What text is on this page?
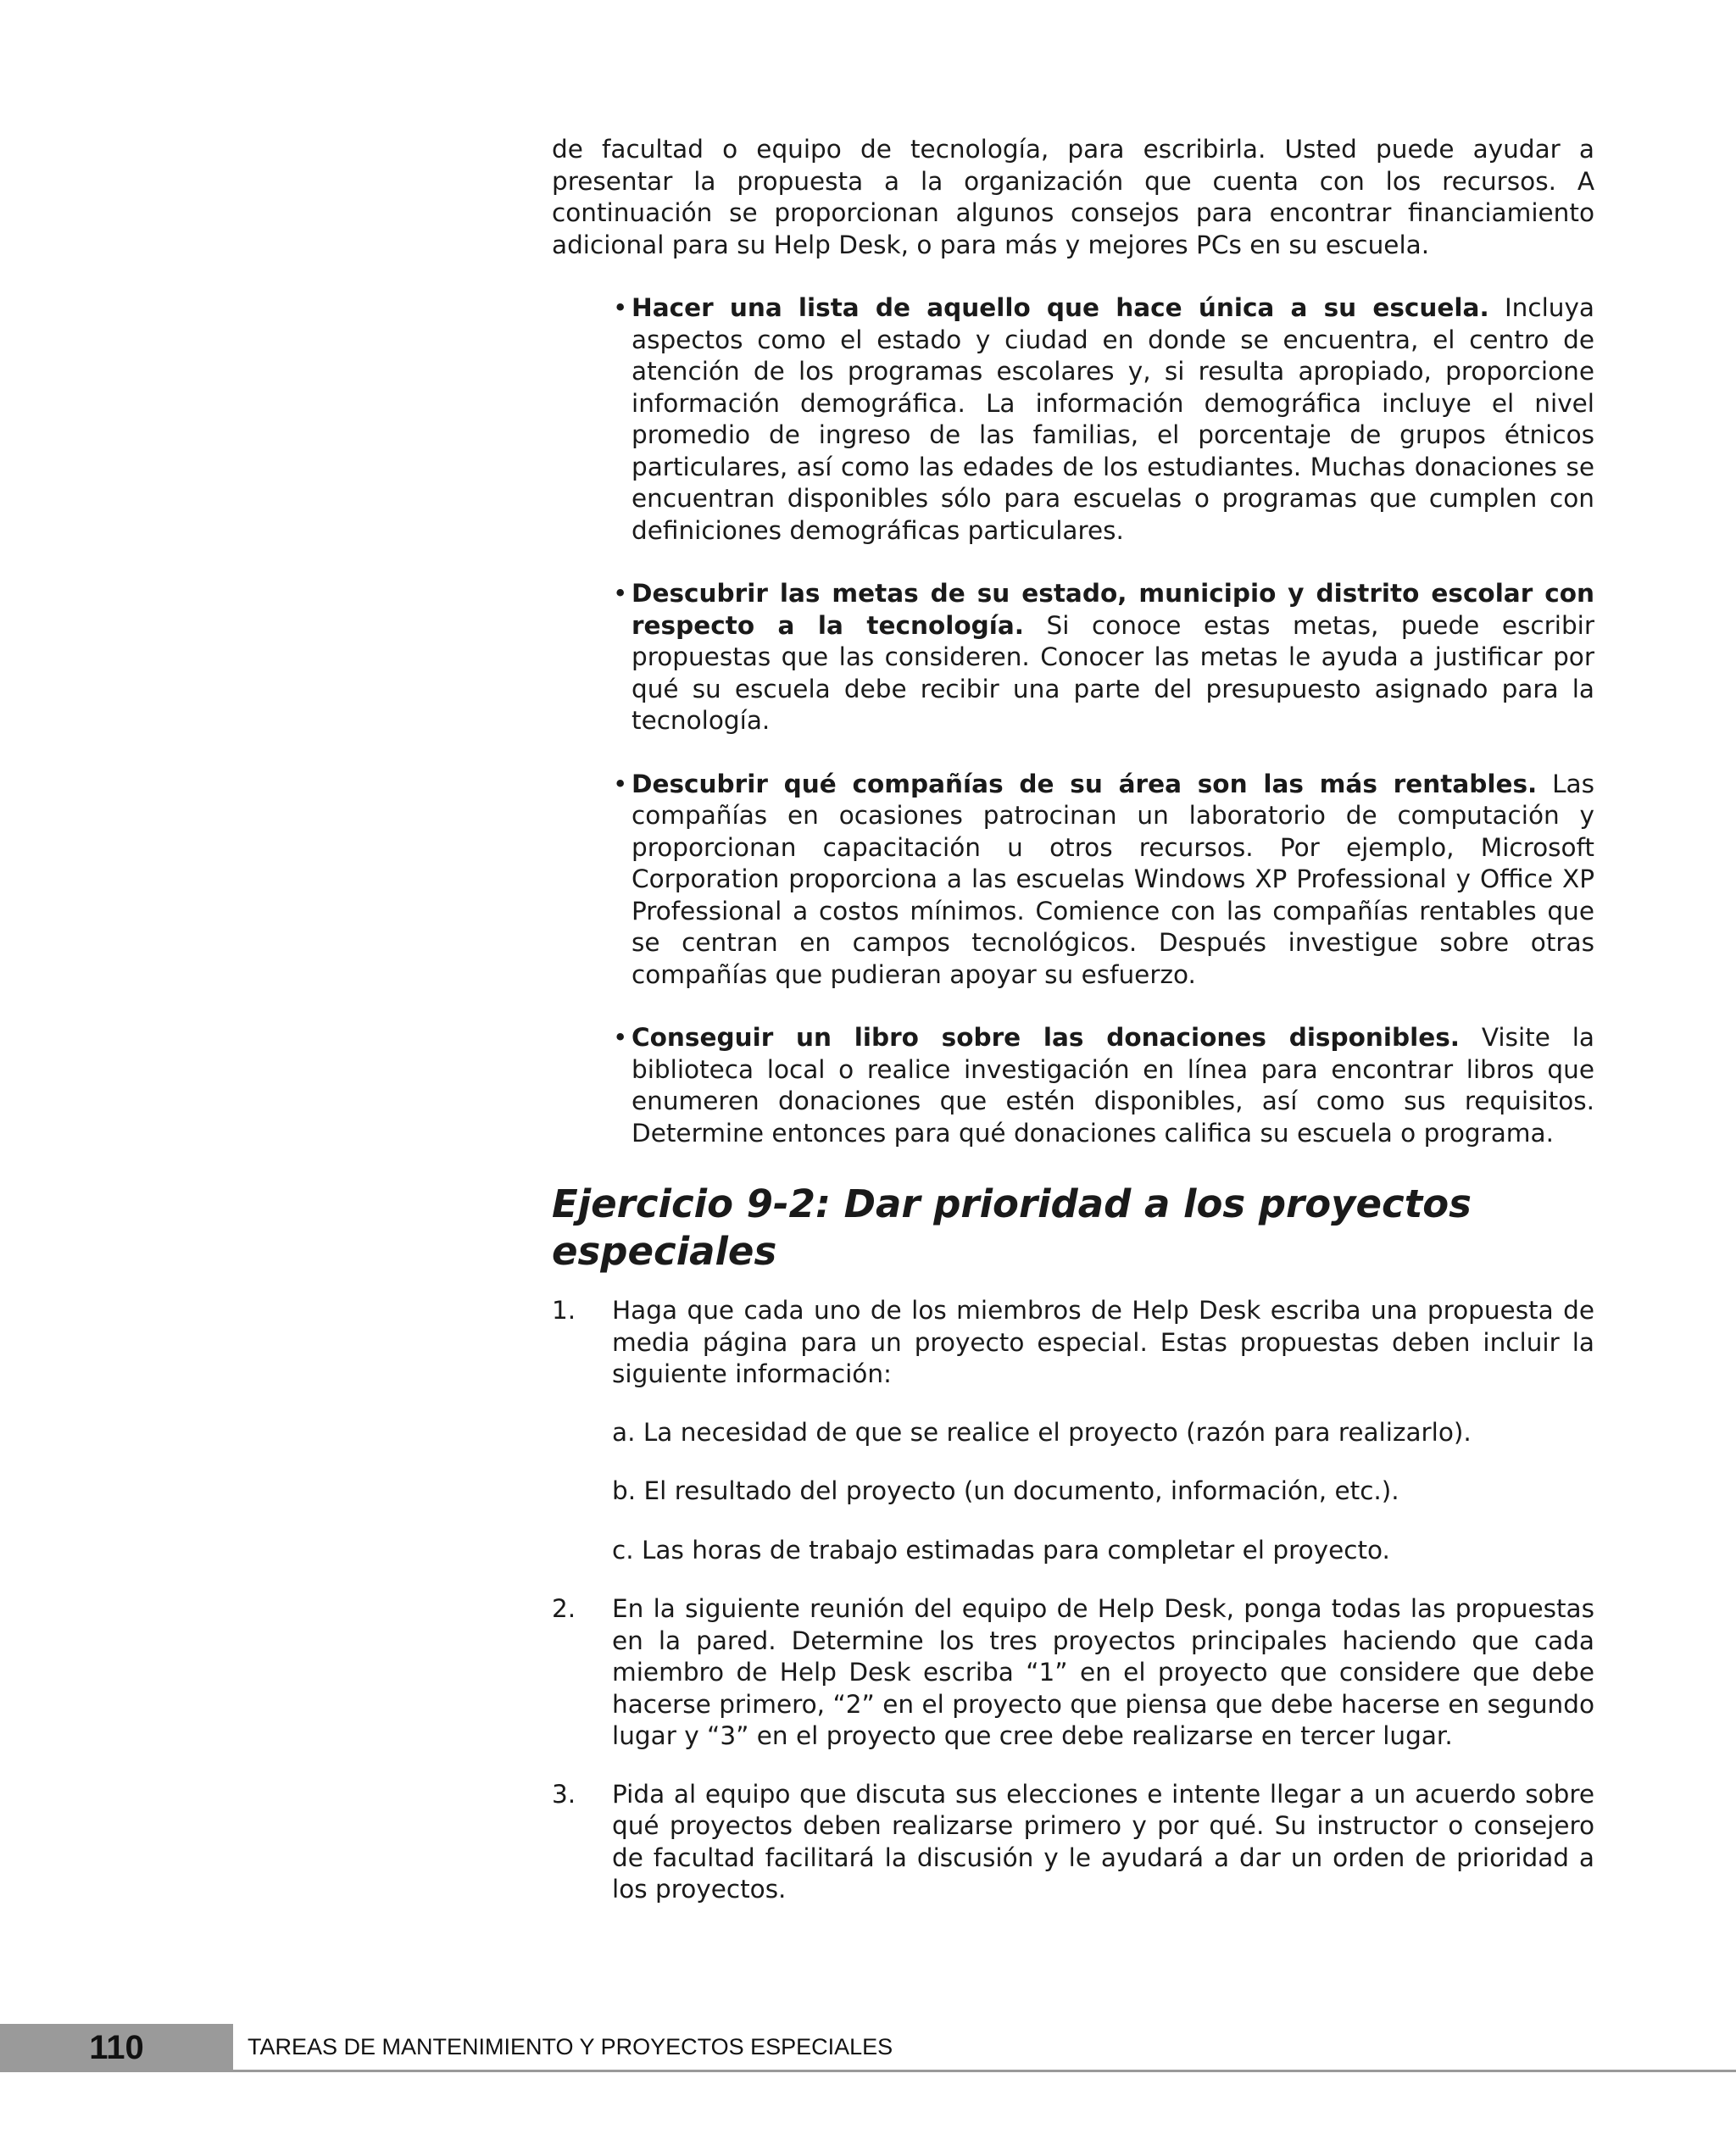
de facultad o equipo de tecnología, para escribirla. Usted puede ayudar a presentar la propuesta a la organización que cuenta con los recursos. A continuación se proporcionan algunos consejos para encontrar financiamiento adicional para su Help Desk, o para más y mejores PCs en su escuela.

• Hacer una lista de aquello que hace única a su escuela. Incluya aspectos como el estado y ciudad en donde se encuentra, el centro de atención de los programas escolares y, si resulta apropiado, proporcione información demográfica. La información demográfica incluye el nivel promedio de ingreso de las familias, el porcentaje de grupos étnicos particulares, así como las edades de los estudiantes. Muchas donaciones se encuentran disponibles sólo para escuelas o programas que cumplen con definiciones demográficas particulares.
• Descubrir las metas de su estado, municipio y distrito escolar con respecto a la tecnología. Si conoce estas metas, puede escribir propuestas que las consideren. Conocer las metas le ayuda a justificar por qué su escuela debe recibir una parte del presupuesto asignado para la tecnología.
• Descubrir qué compañías de su área son las más rentables. Las compañías en ocasiones patrocinan un laboratorio de computación y proporcionan capacitación u otros recursos. Por ejemplo, Microsoft Corporation proporciona a las escuelas Windows XP Professional y Office XP Professional a costos mínimos. Comience con las compañías rentables que se centran en campos tecnológicos. Después investigue sobre otras compañías que pudieran apoyar su esfuerzo.
• Conseguir un libro sobre las donaciones disponibles. Visite la biblioteca local o realice investigación en línea para encontrar libros que enumeren donaciones que estén disponibles, así como sus requisitos. Determine entonces para qué donaciones califica su escuela o programa.
Ejercicio 9-2: Dar prioridad a los proyectos especiales
1. Haga que cada uno de los miembros de Help Desk escriba una propuesta de media página para un proyecto especial. Estas propuestas deben incluir la siguiente información:

a. La necesidad de que se realice el proyecto (razón para realizarlo).

b. El resultado del proyecto (un documento, información, etc.).

c. Las horas de trabajo estimadas para completar el proyecto.

2. En la siguiente reunión del equipo de Help Desk, ponga todas las propuestas en la pared. Determine los tres proyectos principales haciendo que cada miembro de Help Desk escriba “1” en el proyecto que considere que debe hacerse primero, “2” en el proyecto que piensa que debe hacerse en segundo lugar y “3” en el proyecto que cree debe realizarse en tercer lugar.
3. Pida al equipo que discuta sus elecciones e intente llegar a un acuerdo sobre qué proyectos deben realizarse primero y por qué. Su instructor o consejero de facultad facilitará la discusión y le ayudará a dar un orden de prioridad a los proyectos.
110	TAREAS DE MANTENIMIENTO Y PROYECTOS ESPECIALES
